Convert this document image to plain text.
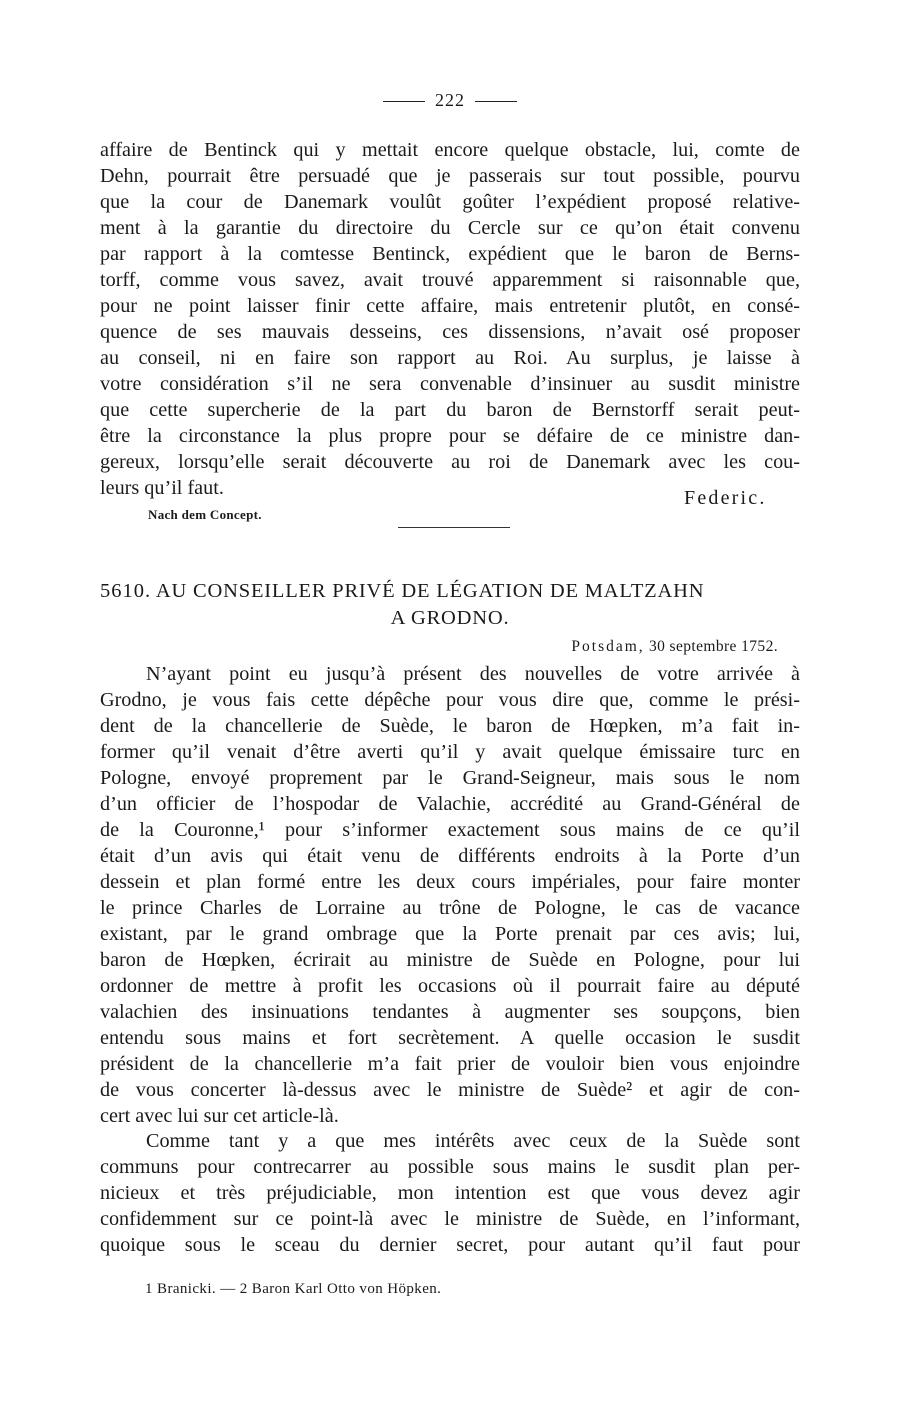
222
affaire de Bentinck qui y mettait encore quelque obstacle, lui, comte de
Dehn, pourrait être persuadé que je passerais sur tout possible, pourvu
que la cour de Danemark voulût goûter l’expédient proposé relative-
ment à la garantie du directoire du Cercle sur ce qu’on était convenu
par rapport à la comtesse Bentinck, expédient que le baron de Berns-
torff, comme vous savez, avait trouvé apparemment si raisonnable que,
pour ne point laisser finir cette affaire, mais entretenir plutôt, en consé-
quence de ses mauvais desseins, ces dissensions, n’avait osé proposer
au conseil, ni en faire son rapport au Roi. Au surplus, je laisse à
votre considération s’il ne sera convenable d’insinuer au susdit ministre
que cette supercherie de la part du baron de Bernstorff serait peut-
être la circonstance la plus propre pour se défaire de ce ministre dan-
gereux, lorsqu’elle serait découverte au roi de Danemark avec les cou-
leurs qu’il faut.	Federic.
Nach dem Concept.
5610. AU CONSEILLER PRIVÉ DE LÉGATION DE MALTZAHN
A GRODNO.
Potsdam, 30 septembre 1752.
N’ayant point eu jusqu’à présent des nouvelles de votre arrivée à
Grodno, je vous fais cette dépêche pour vous dire que, comme le prési-
dent de la chancellerie de Suède, le baron de Hœpken, m’a fait in-
former qu’il venait d’être averti qu’il y avait quelque émissaire turc en
Pologne, envoyé proprement par le Grand-Seigneur, mais sous le nom
d’un officier de l’hospodar de Valachie, accrédité au Grand-Général de
de la Couronne,¹ pour s’informer exactement sous mains de ce qu’il
était d’un avis qui était venu de différents endroits à la Porte d’un
dessein et plan formé entre les deux cours impériales, pour faire monter
le prince Charles de Lorraine au trône de Pologne, le cas de vacance
existant, par le grand ombrage que la Porte prenait par ces avis; lui,
baron de Hœpken, écrirait au ministre de Suède en Pologne, pour lui
ordonner de mettre à profit les occasions où il pourrait faire au député
valachien des insinuations tendantes à augmenter ses soupçons, bien
entendu sous mains et fort secrètement. A quelle occasion le susdit
président de la chancellerie m’a fait prier de vouloir bien vous enjoindre
de vous concerter là-dessus avec le ministre de Suède² et agir de con-
cert avec lui sur cet article-là.
Comme tant y a que mes intérêts avec ceux de la Suède sont
communs pour contrecarrer au possible sous mains le susdit plan per-
nicieux et très préjudiciable, mon intention est que vous devez agir
confidemment sur ce point-là avec le ministre de Suède, en l’informant,
quoique sous le sceau du dernier secret, pour autant qu’il faut pour
1 Branicki. — 2 Baron Karl Otto von Höpken.
